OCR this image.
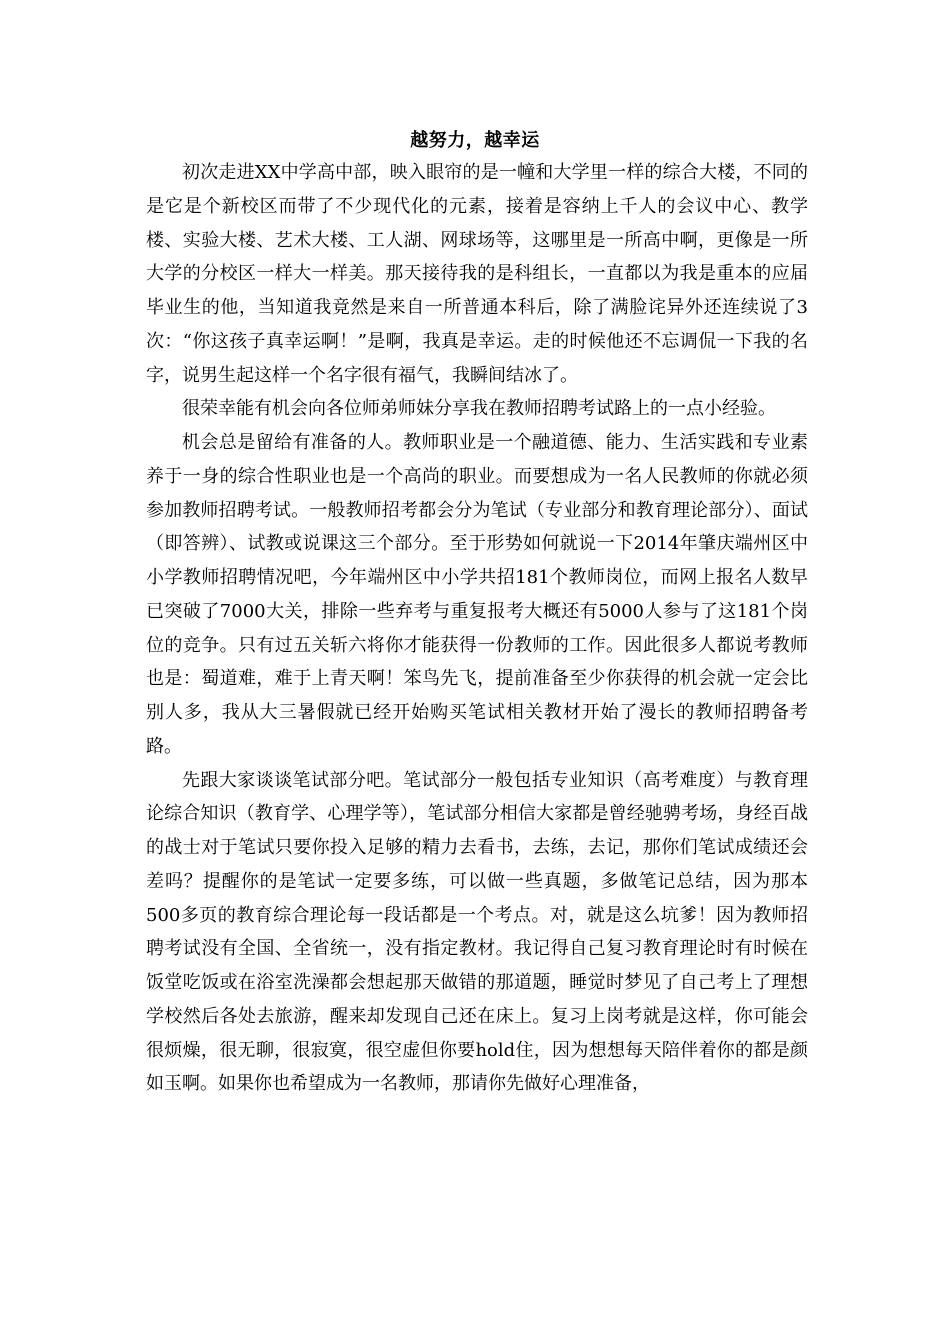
越努力，越幸运

初次走进XX中学高中部，映入眼帘的是一幢和大学里一样的综合大楼，不同的是它是个新校区而带了不少现代化的元素，接着是容纳上千人的会议中心、教学楼、实验大楼、艺术大楼、工人湖、网球场等，这哪里是一所高中啊，更像是一所大学的分校区一样大一样美。那天接待我的是科组长，一直都以为我是重本的应届毕业生的他，当知道我竟然是来自一所普通本科后，除了满脸诧异外还连续说了3次：“你这孩子真幸运啊！”是啊，我真是幸运。走的时候他还不忘调侃一下我的名字，说男生起这样一个名字很有福气，我瞬间结冰了。

很荣幸能有机会向各位师弟师妹分享我在教师招聘考试路上的一点小经验。

机会总是留给有准备的人。教师职业是一个融道德、能力、生活实践和专业素养于一身的综合性职业也是一个高尚的职业。而要想成为一名人民教师的你就必须参加教师招聘考试。一般教师招考都会分为笔试（专业部分和教育理论部分）、面试（即答辨）、试教或说课这三个部分。至于形势如何就说一下2014年肇庆端州区中小学教师招聘情况吧，今年端州区中小学共招181个教师岗位，而网上报名人数早已突破了7000大关，排除一些弃考与重复报考大概还有5000人参与了这181个岗位的竞争。只有过五关斩六将你才能获得一份教师的工作。因此很多人都说考教师也是：蜀道难，难于上青天啊！笨鸟先飞，提前准备至少你获得的机会就一定会比别人多，我从大三暑假就已经开始购买笔试相关教材开始了漫长的教师招聘备考路。

先跟大家谈谈笔试部分吧。笔试部分一般包括专业知识（高考难度）与教育理论综合知识（教育学、心理学等），笔试部分相信大家都是曾经驰骋考场，身经百战的战士对于笔试只要你投入足够的精力去看书，去练，去记，那你们笔试成绩还会差吗？提醒你的是笔试一定要多练，可以做一些真题，多做笔记总结，因为那本500多页的教育综合理论每一段话都是一个考点。对，就是这么坑爹！因为教师招聘考试没有全国、全省统一，没有指定教材。我记得自己复习教育理论时有时候在饭堂吃饭或在浴室洗澡都会想起那天做错的那道题，睡觉时梦见了自己考上了理想学校然后各处去旅游，醒来却发现自己还在床上。复习上岗考就是这样，你可能会很烦燥，很无聊，很寂寞，很空虚但你要hold住，因为想想每天陪伴着你的都是颜如玉啊。如果你也希望成为一名教师，那请你先做好心理准备，
